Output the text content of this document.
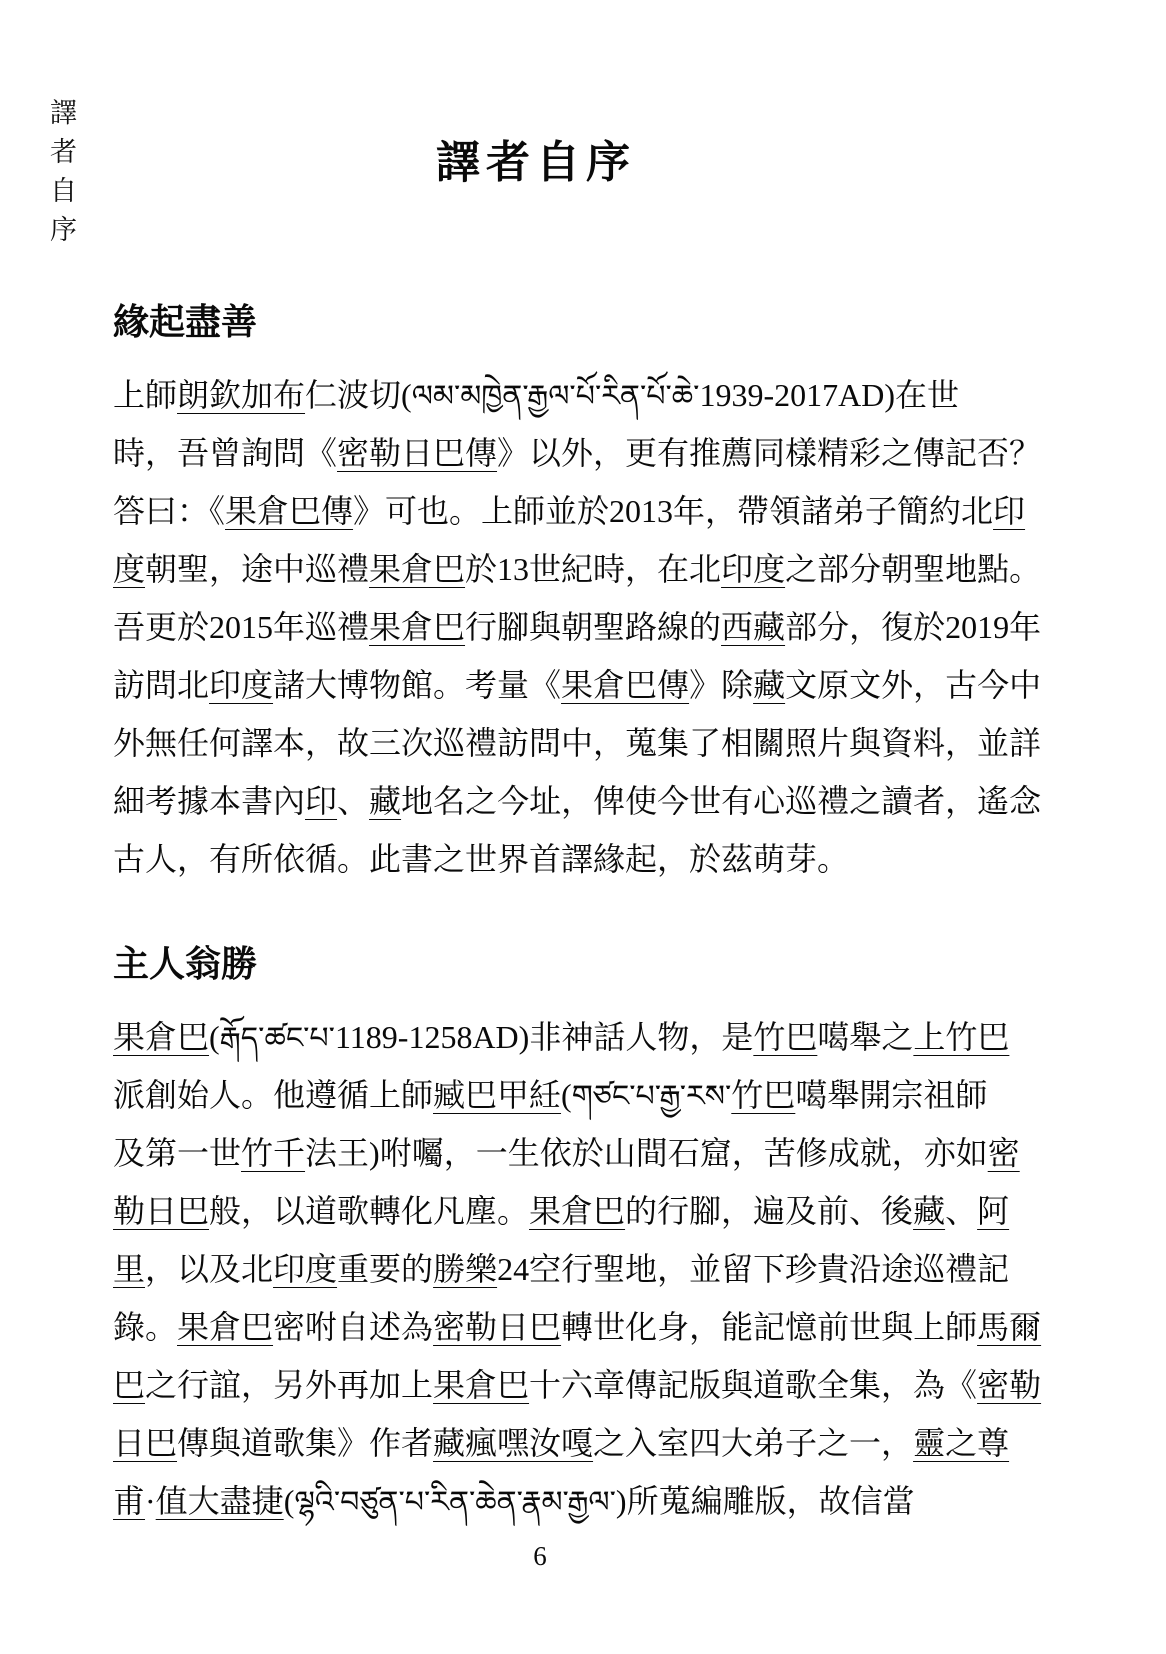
譯者自序	譯者自序
緣起盡善
上師朗欽加布仁波切(ལམ་མཁྱེན་རྒྱལ་པོ་རིན་པོ་ཆེ་1939-2017AD)在世
時，吾曾詢問《密勒日巴傳》以外，更有推薦同樣精彩之傳記否？
答曰：《果倉巴傳》可也。上師並於2013年，帶領諸弟子簡約北印
度朝聖，途中巡禮果倉巴於13世紀時，在北印度之部分朝聖地點。
吾更於2015年巡禮果倉巴行腳與朝聖路線的西藏部分，復於2019年
訪問北印度諸大博物館。考量《果倉巴傳》除藏文原文外，古今中
外無任何譯本，故三次巡禮訪問中，蒐集了相關照片與資料，並詳
細考據本書內印、藏地名之今址，俾使今世有心巡禮之讀者，遙念
古人，有所依循。此書之世界首譯緣起，於茲萌芽。
主人翁勝
果倉巴(རྒོད་ཚང་པ་1189-1258AD)非神話人物，是竹巴噶舉之上竹巴
派創始人。他遵循上師臧巴甲紝(གཙང་པ་རྒྱ་རས་竹巴噶舉開宗祖師
及第一世竹千法王)咐囑，一生依於山間石窟，苦修成就，亦如密
勒日巴般，以道歌轉化凡塵。果倉巴的行腳，遍及前、後藏、阿
里，以及北印度重要的勝樂24空行聖地，並留下珍貴沿途巡禮記
錄。果倉巴密咐自述為密勒日巴轉世化身，能記憶前世與上師馬爾
巴之行誼，另外再加上果倉巴十六章傳記版與道歌全集，為《密勒
日巴傳與道歌集》作者藏瘋嘿汝嘎之入室四大弟子之一，靈之尊
甫·值大盡捷(ལྷའི་བཙུན་པ་རིན་ཆེན་རྣམ་རྒྱལ་)所蒐編雕版，故信當
6
